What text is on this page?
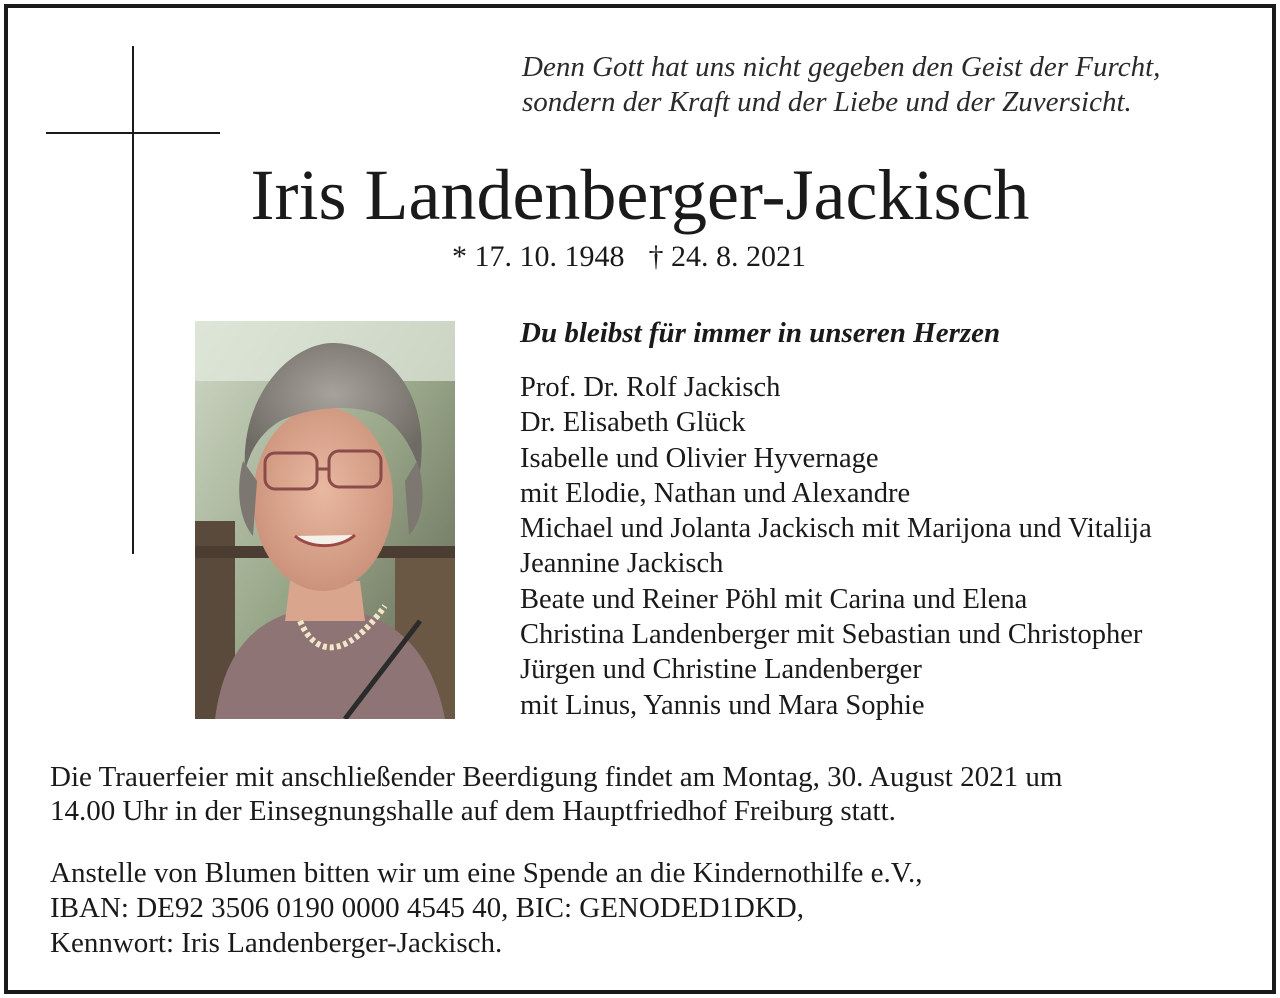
Denn Gott hat uns nicht gegeben den Geist der Furcht,
sondern der Kraft und der Liebe und der Zuversicht.
Iris Landenberger-Jackisch
* 17. 10. 1948 † 24. 8. 2021
Du bleibst für immer in unseren Herzen
Prof. Dr. Rolf Jackisch
Dr. Elisabeth Glück
Isabelle und Olivier Hyvernage
mit Elodie, Nathan und Alexandre
Michael und Jolanta Jackisch mit Marijona und Vitalija
Jeannine Jackisch
Beate und Reiner Pöhl mit Carina und Elena
Christina Landenberger mit Sebastian und Christopher
Jürgen und Christine Landenberger
mit Linus, Yannis und Mara Sophie
Die Trauerfeier mit anschließender Beerdigung findet am Montag, 30. August 2021 um
14.00 Uhr in der Einsegnungshalle auf dem Hauptfriedhof Freiburg statt.
Anstelle von Blumen bitten wir um eine Spende an die Kindernothilfe e.V.,
IBAN: DE92 3506 0190 0000 4545 40, BIC: GENODED1DKD,
Kennwort: Iris Landenberger-Jackisch.
